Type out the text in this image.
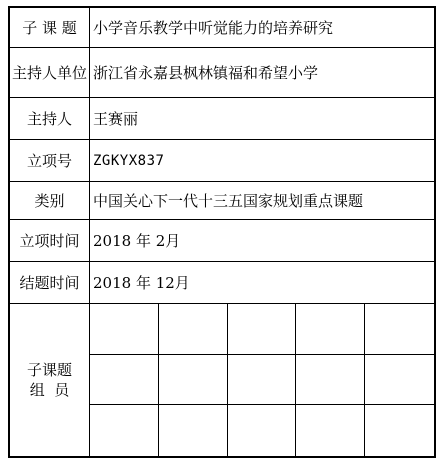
子 课 题	小学音乐教学中听觉能力的培养研究
主持人单位 浙江省永嘉县枫林镇福和希望小学
主持人	王赛丽
立项号	ZGKYX837
类别	中国关心下一代十三五国家规划重点课题
立项时间 2018 年 2月
结题时间 2018 年 12月
子课题
组  员
